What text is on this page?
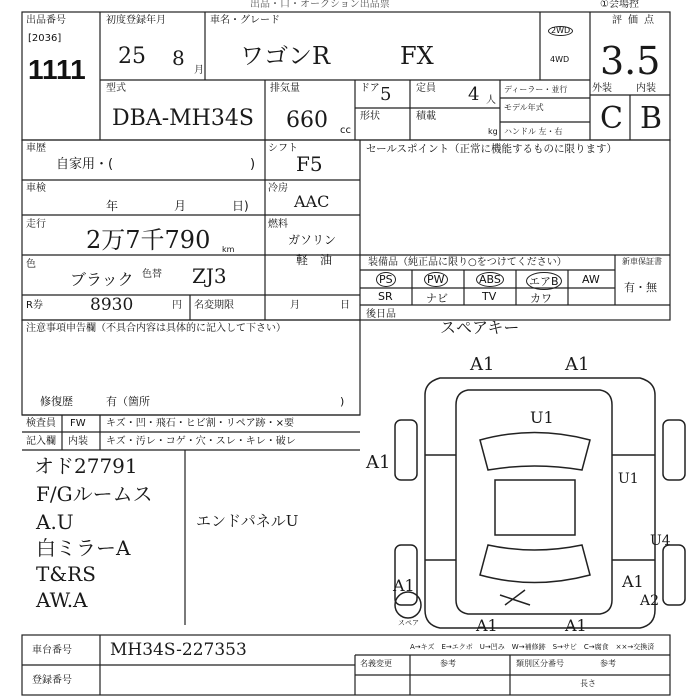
出品・口・オークション出品票	①会場控
出品番号
[2036]
1111
初度登録年月
25 8
月
車名・グレード
ワゴンR	FX
2WD
4WD
評価点
3.5
外装 内装
C B
型式
DBA-MH34S
排気量
660 cc
ドア 5 定員 4 人
形状	積載
kg
ディーラー・並行
モデル年式
ハンドル 左・右
車歴
自家用・(	)
シフト
F5
冷房
AAC
車検
年	月	日)
燃料
ガソリン
軽　油
走行
2万7千790 km
色
ブラック 色替 ZJ3
R券	8930	円 名変期限	月	日
セールスポイント（正常に機能するものに限ります）
装備品（純正品に限り○をつけてください）	新車保証書
有・無
PS	PW	ABS	エアB AW
SR	ナビ	TV	カワ
後日品
スペアキー
注意事項申告欄（不具合内容は具体的に記入して下さい）
修復歴	有（箇所	)
検査員 FW キズ・凹・飛石・ヒビ割・リペア跡・×要
記入欄 内装 キズ・汚レ・コゲ・穴・スレ・キレ・破レ
オド27791
F/Gルームス
A.U
白ミラーA
T&RS
AW.A
エンドパネルU
A1	A1
U1
A1
U1
U4
A1
A1
A2
A1	A1
スペア
A→キズ　E→エクボ　U→凹み　W→補修跡　S→サビ　C→腐食　××→交換済
車台番号 MH34S-227353
登録番号
名義変更	参考	類別区分番号	参考
長さ
